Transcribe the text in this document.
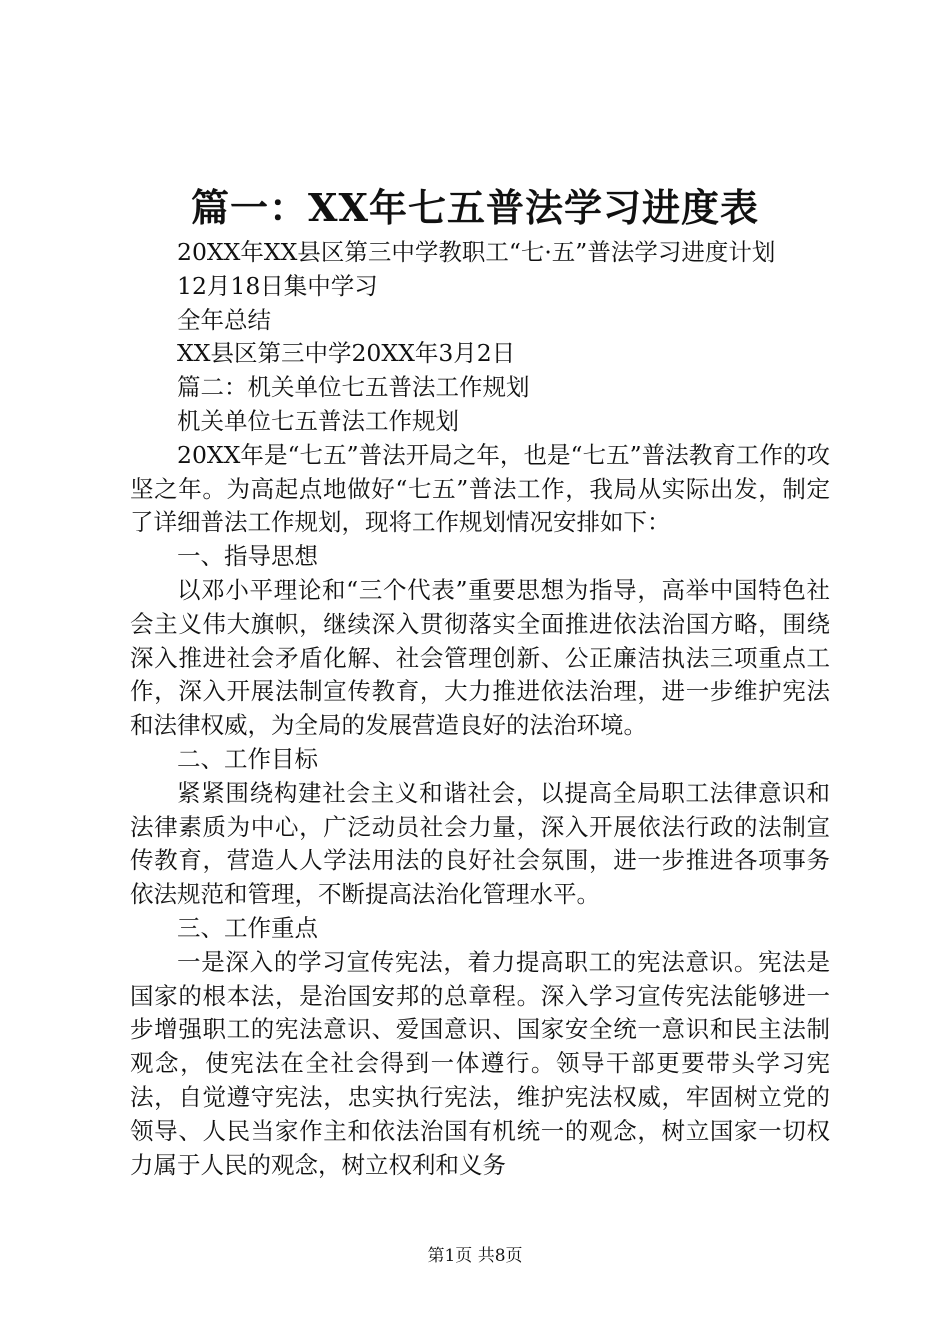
篇一：XX年七五普法学习进度表

20XX年XX县区第三中学教职工“七·五”普法学习进度计划

12月18日集中学习

全年总结

XX县区第三中学20XX年3月2日

篇二：机关单位七五普法工作规划

机关单位七五普法工作规划

20XX年是“七五”普法开局之年，也是“七五”普法教育工作的攻坚之年。为高起点地做好“七五”普法工作，我局从实际出发，制定了详细普法工作规划，现将工作规划情况安排如下：

一、指导思想

以邓小平理论和“三个代表”重要思想为指导，高举中国特色社会主义伟大旗帜，继续深入贯彻落实全面推进依法治国方略，围绕深入推进社会矛盾化解、社会管理创新、公正廉洁执法三项重点工作，深入开展法制宣传教育，大力推进依法治理，进一步维护宪法和法律权威，为全局的发展营造良好的法治环境。

二、工作目标

紧紧围绕构建社会主义和谐社会，以提高全局职工法律意识和法律素质为中心，广泛动员社会力量，深入开展依法行政的法制宣传教育，营造人人学法用法的良好社会氛围，进一步推进各项事务依法规范和管理，不断提高法治化管理水平。

三、工作重点

一是深入的学习宣传宪法，着力提高职工的宪法意识。宪法是国家的根本法，是治国安邦的总章程。深入学习宣传宪法能够进一步增强职工的宪法意识、爱国意识、国家安全统一意识和民主法制观念，使宪法在全社会得到一体遵行。领导干部更要带头学习宪法，自觉遵守宪法，忠实执行宪法，维护宪法权威，牢固树立党的领导、人民当家作主和依法治国有机统一的观念，树立国家一切权力属于人民的观念，树立权利和义务

第1页 共8页
